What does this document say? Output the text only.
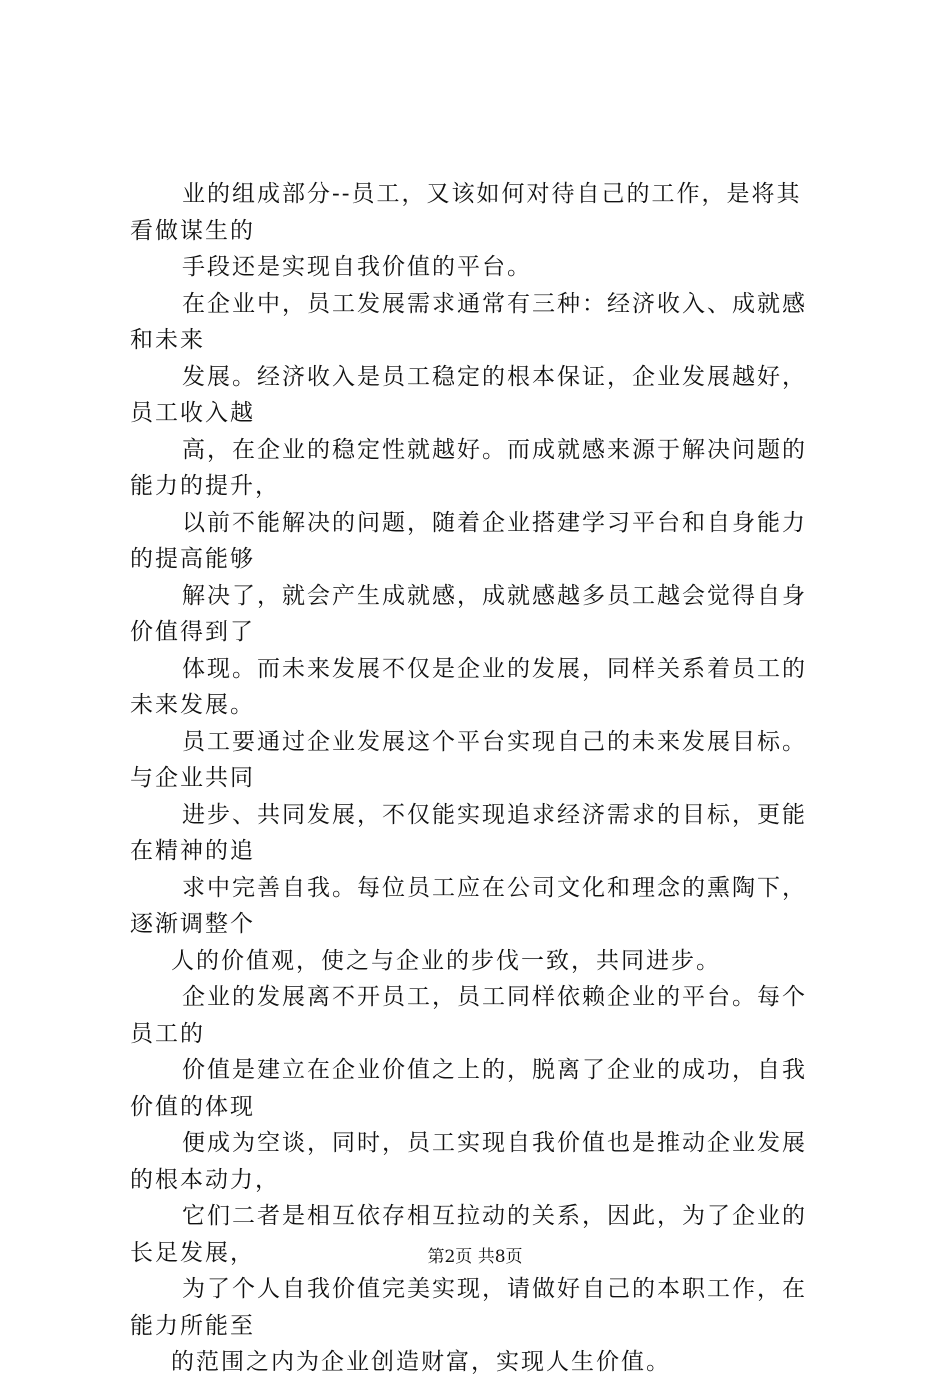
业的组成部分--员工，又该如何对待自己的工作，是将其
看做谋生的
手段还是实现自我价值的平台。
在企业中，员工发展需求通常有三种：经济收入、成就感
和未来
发展。经济收入是员工稳定的根本保证，企业发展越好，
员工收入越
高，在企业的稳定性就越好。而成就感来源于解决问题的
能力的提升，
以前不能解决的问题，随着企业搭建学习平台和自身能力
的提高能够
解决了，就会产生成就感，成就感越多员工越会觉得自身
价值得到了
体现。而未来发展不仅是企业的发展，同样关系着员工的
未来发展。
员工要通过企业发展这个平台实现自己的未来发展目标。
与企业共同
进步、共同发展，不仅能实现追求经济需求的目标，更能
在精神的追
求中完善自我。每位员工应在公司文化和理念的熏陶下，
逐渐调整个
人的价值观，使之与企业的步伐一致，共同进步。
企业的发展离不开员工，员工同样依赖企业的平台。每个
员工的
价值是建立在企业价值之上的，脱离了企业的成功，自我
价值的体现
便成为空谈，同时，员工实现自我价值也是推动企业发展
的根本动力，
它们二者是相互依存相互拉动的关系，因此，为了企业的
长足发展，
为了个人自我价值完美实现，请做好自己的本职工作，在
能力所能至
的范围之内为企业创造财富，实现人生价值。
第2页 共8页
